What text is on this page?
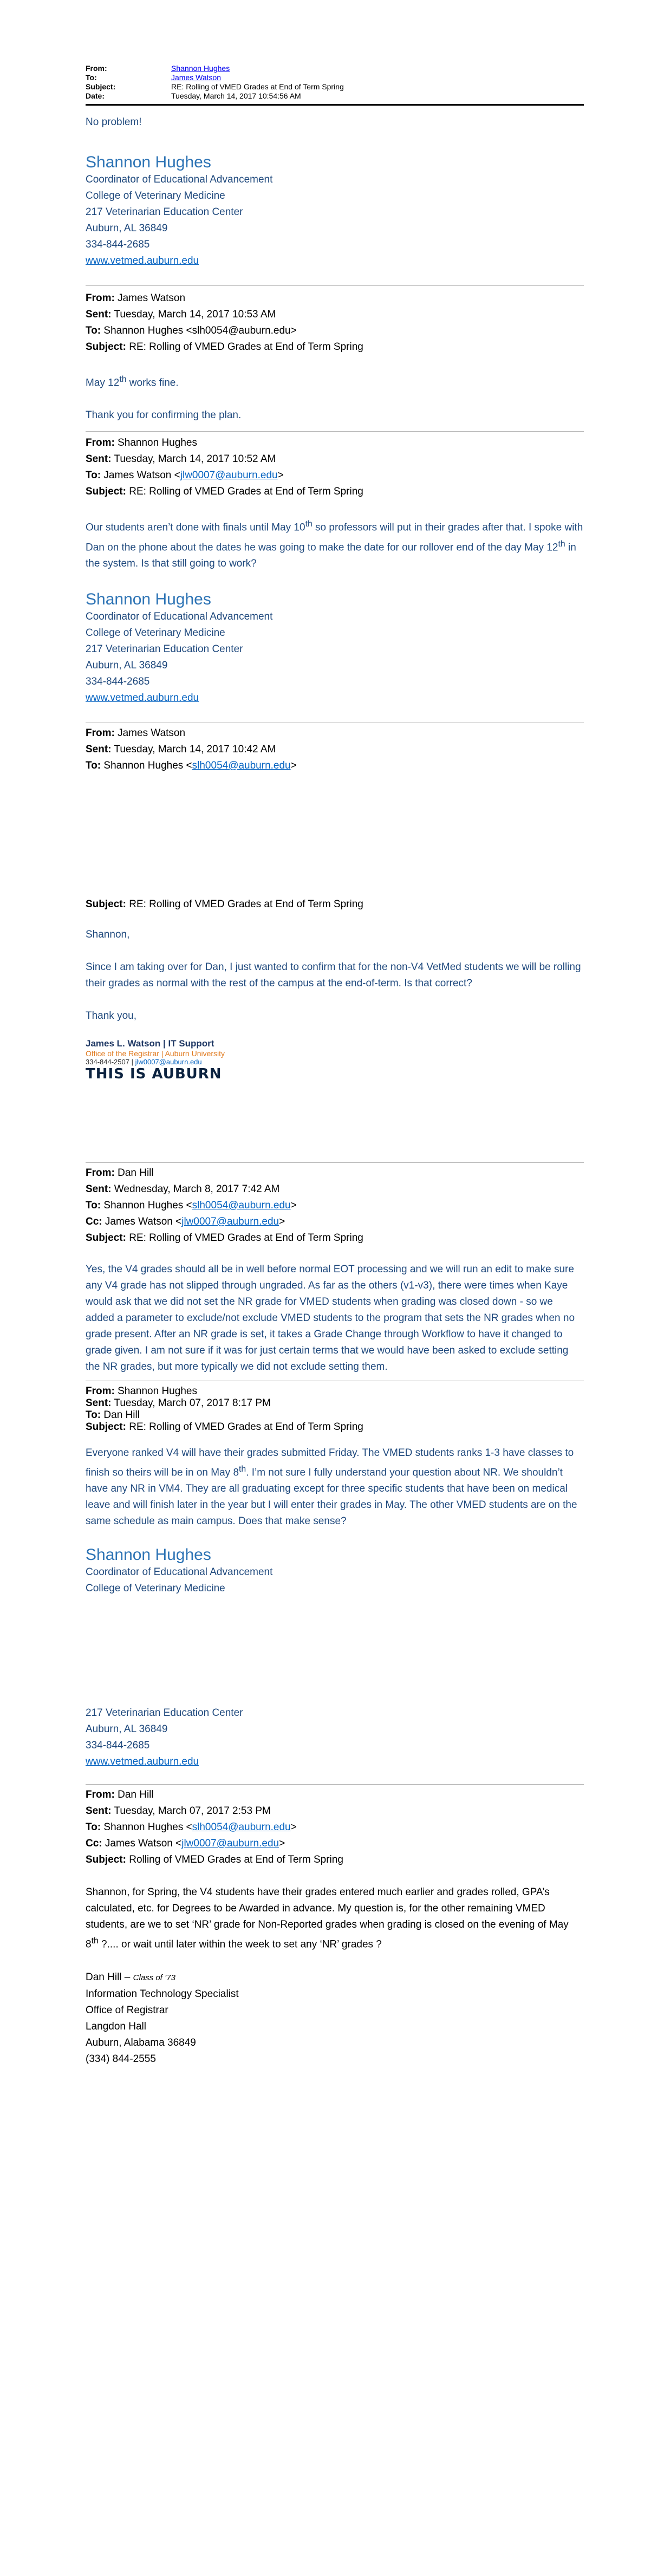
From:	Shannon Hughes
To:	James Watson
Subject:	RE: Rolling of VMED Grades at End of Term Spring
Date:	Tuesday, March 14, 2017 10:54:56 AM

No problem!

Shannon Hughes
Coordinator of Educational Advancement
College of Veterinary Medicine
217 Veterinarian Education Center
Auburn, AL 36849
334-844-2685
www.vetmed.auburn.edu
From: James Watson
Sent: Tuesday, March 14, 2017 10:53 AM
To: Shannon Hughes <slh0054@auburn.edu>
Subject: RE: Rolling of VMED Grades at End of Term Spring

May 12th works fine.

Thank you for confirming the plan.

From: Shannon Hughes
Sent: Tuesday, March 14, 2017 10:52 AM
To: James Watson <jlw0007@auburn.edu>
Subject: RE: Rolling of VMED Grades at End of Term Spring

Our students aren’t done with finals until May 10th so professors will put in their grades after that. I spoke with Dan on the phone about the dates he was going to make the date for our rollover end of the day May 12th in the system. Is that still going to work?

Shannon Hughes
Coordinator of Educational Advancement
College of Veterinary Medicine
217 Veterinarian Education Center
Auburn, AL 36849
334-844-2685
www.vetmed.auburn.edu
From: James Watson
Sent: Tuesday, March 14, 2017 10:42 AM
To: Shannon Hughes <slh0054@auburn.edu>
Subject: RE: Rolling of VMED Grades at End of Term Spring

Shannon,

Since I am taking over for Dan, I just wanted to confirm that for the non-V4 VetMed students we will be rolling their grades as normal with the rest of the campus at the end-of-term. Is that correct?

Thank you,

James L. Watson | IT Support
Office of the Registrar | Auburn University
334-844-2507 | jlw0007@auburn.edu
THIS IS AUBURN
From: Dan Hill
Sent: Wednesday, March 8, 2017 7:42 AM
To: Shannon Hughes <slh0054@auburn.edu>
Cc: James Watson <jlw0007@auburn.edu>
Subject: RE: Rolling of VMED Grades at End of Term Spring

Yes, the V4 grades should all be in well before normal EOT processing and we will run an edit to make sure any V4 grade has not slipped through ungraded. As far as the others (v1-v3), there were times when Kaye would ask that we did not set the NR grade for VMED students when grading was closed down - so we added a parameter to exclude/not exclude VMED students to the program that sets the NR grades when no grade present. After an NR grade is set, it takes a Grade Change through Workflow to have it changed to grade given. I am not sure if it was for just certain terms that we would have been asked to exclude setting the NR grades, but more typically we did not exclude setting them.

From: Shannon Hughes
Sent: Tuesday, March 07, 2017 8:17 PM
To: Dan Hill
Subject: RE: Rolling of VMED Grades at End of Term Spring

Everyone ranked V4 will have their grades submitted Friday. The VMED students ranks 1-3 have classes to finish so theirs will be in on May 8th. I’m not sure I fully understand your question about NR. We shouldn’t have any NR in VM4. They are all graduating except for three specific students that have been on medical leave and will finish later in the year but I will enter their grades in May. The other VMED students are on the same schedule as main campus. Does that make sense?

Shannon Hughes
Coordinator of Educational Advancement
College of Veterinary Medicine
217 Veterinarian Education Center
Auburn, AL 36849
334-844-2685
www.vetmed.auburn.edu
From: Dan Hill
Sent: Tuesday, March 07, 2017 2:53 PM
To: Shannon Hughes <slh0054@auburn.edu>
Cc: James Watson <jlw0007@auburn.edu>
Subject: Rolling of VMED Grades at End of Term Spring

Shannon, for Spring, the V4 students have their grades entered much earlier and grades rolled, GPA’s calculated, etc. for Degrees to be Awarded in advance. My question is, for the other remaining VMED students, are we to set ‘NR’ grade for Non-Reported grades when grading is closed on the evening of May 8th ?.... or wait until later within the week to set any ‘NR’ grades ?

Dan Hill – Class of ’73
Information Technology Specialist
Office of Registrar
Langdon Hall
Auburn, Alabama 36849
(334) 844-2555
